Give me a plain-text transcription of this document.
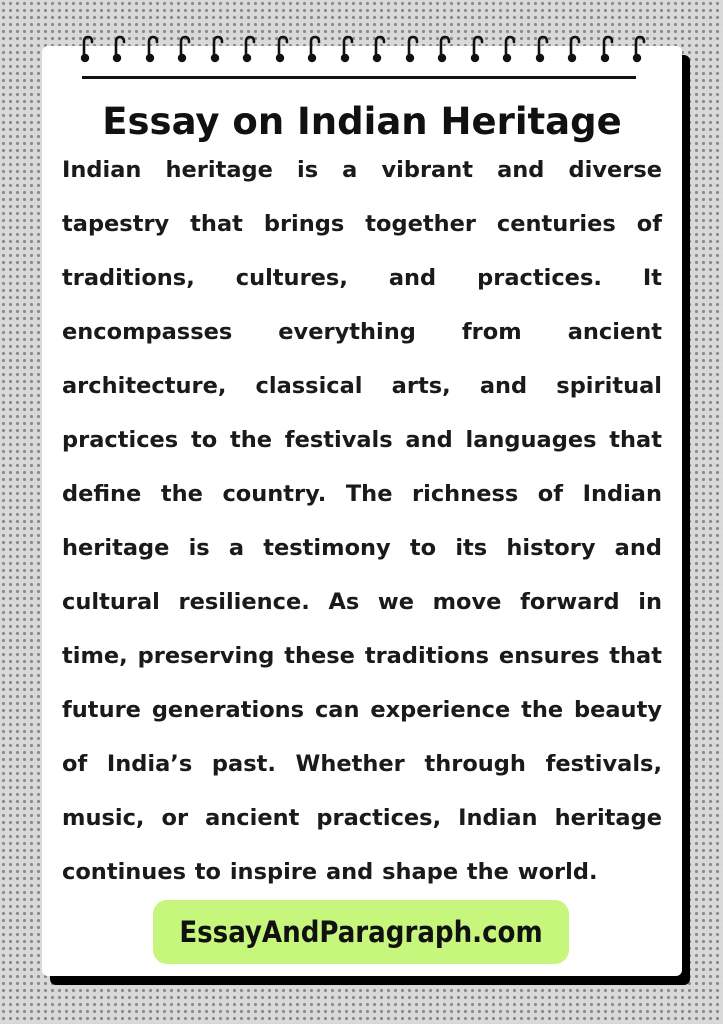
Essay on Indian Heritage

Indian heritage is a vibrant and diverse tapestry that brings together centuries of traditions, cultures, and practices. It encompasses everything from ancient architecture, classical arts, and spiritual practices to the festivals and languages that define the country. The richness of Indian heritage is a testimony to its history and cultural resilience. As we move forward in time, preserving these traditions ensures that future generations can experience the beauty of India’s past. Whether through festivals, music, or ancient practices, Indian heritage continues to inspire and shape the world.

EssayAndParagraph.com
